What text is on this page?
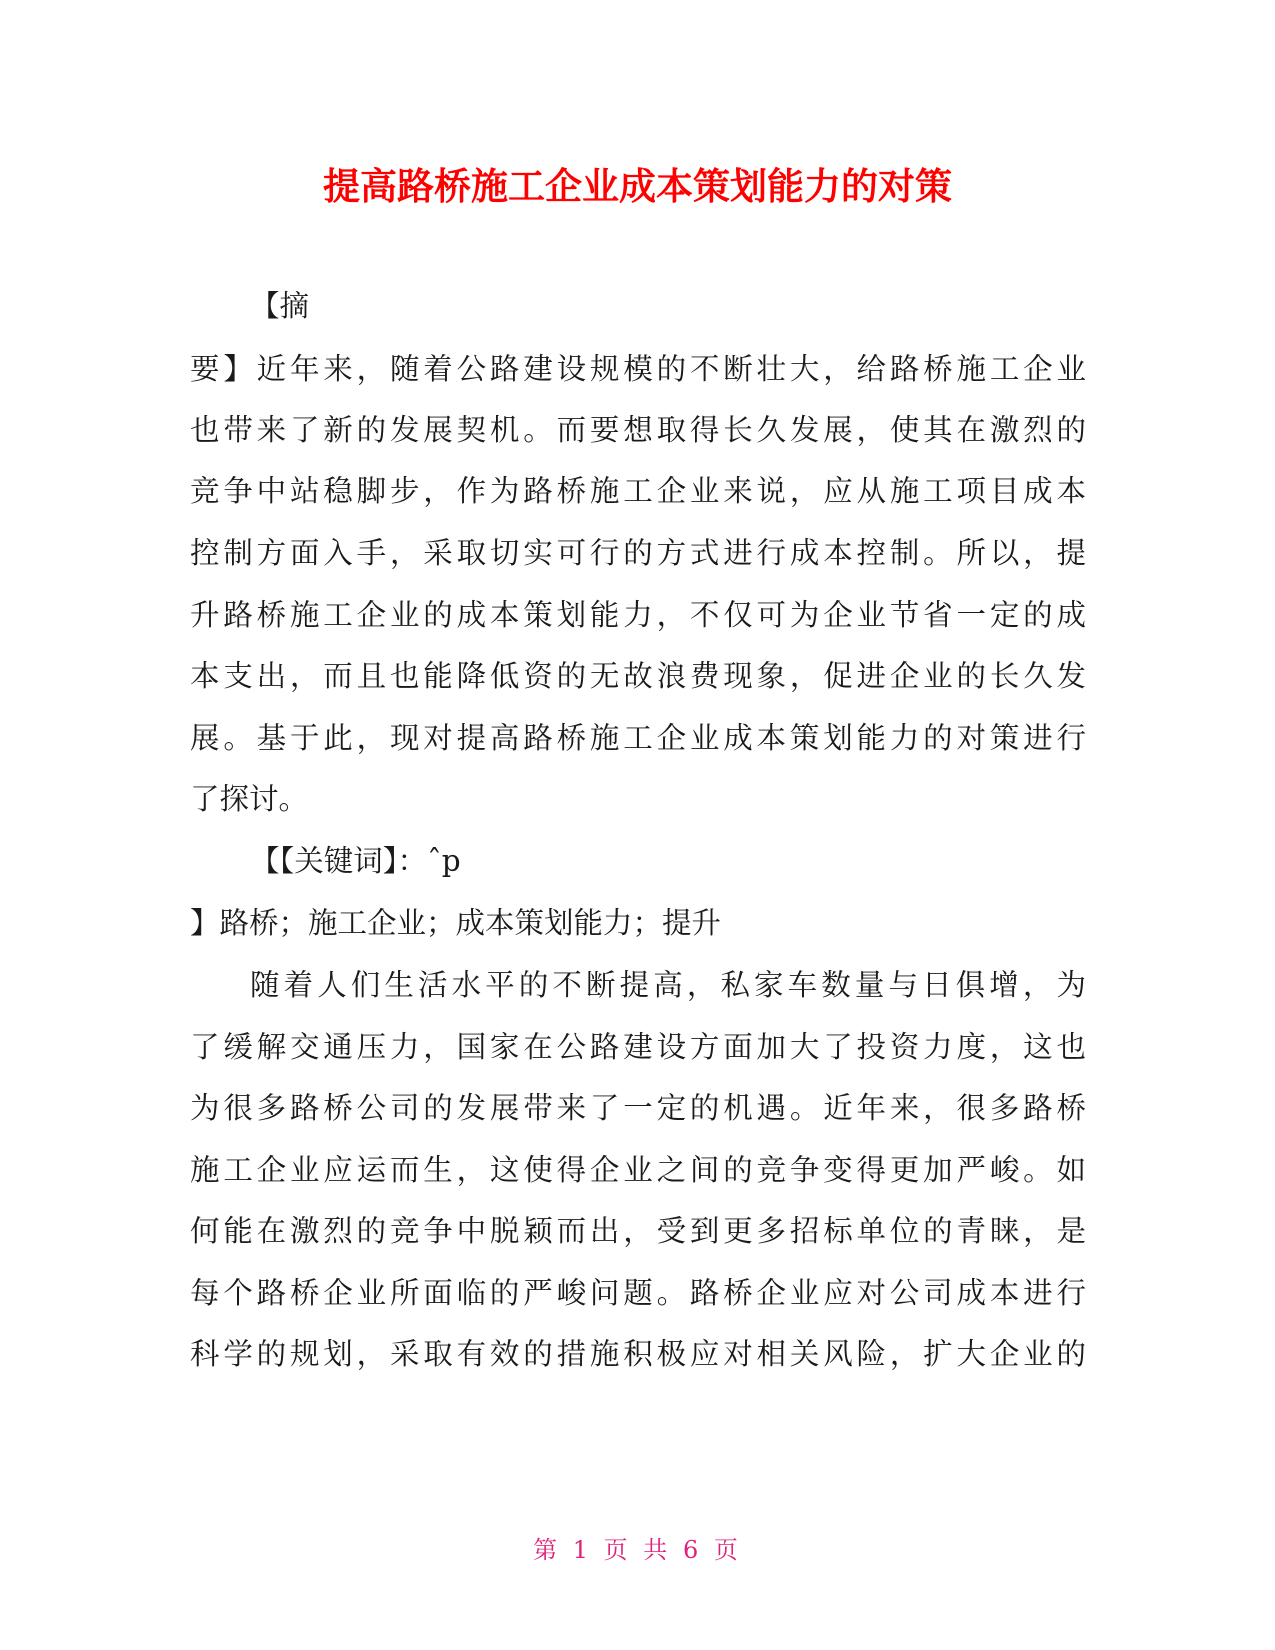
提高路桥施工企业成本策划能力的对策
【摘
要】近年来，随着公路建设规模的不断壮大，给路桥施工企业
也带来了新的发展契机。而要想取得长久发展，使其在激烈的
竞争中站稳脚步，作为路桥施工企业来说，应从施工项目成本
控制方面入手，采取切实可行的方式进行成本控制。所以，提
升路桥施工企业的成本策划能力，不仅可为企业节省一定的成
本支出，而且也能降低资的无故浪费现象，促进企业的长久发
展。基于此，现对提高路桥施工企业成本策划能力的对策进行
了探讨。
【【关键词】：ˆp
】路桥；施工企业；成本策划能力；提升
随着人们生活水平的不断提高，私家车数量与日俱增，为
了缓解交通压力，国家在公路建设方面加大了投资力度，这也
为很多路桥公司的发展带来了一定的机遇。近年来，很多路桥
施工企业应运而生，这使得企业之间的竞争变得更加严峻。如
何能在激烈的竞争中脱颖而出，受到更多招标单位的青睐，是
每个路桥企业所面临的严峻问题。路桥企业应对公司成本进行
科学的规划，采取有效的措施积极应对相关风险，扩大企业的
第 1 页 共 6 页
